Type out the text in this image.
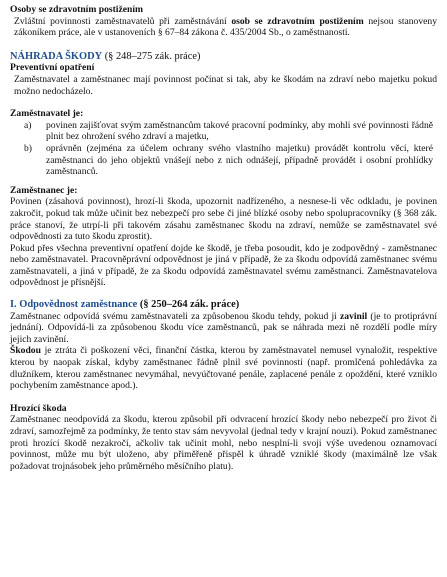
Osoby se zdravotním postižením

Zvláštní povinnosti zaměstnavatelů při zaměstnávání osob se zdravotním postižením nejsou stanoveny zákoníkem práce, ale v ustanoveních § 67–84 zákona č. 435/2004 Sb., o zaměstnanosti.

NÁHRADA ŠKODY (§ 248–275 zák. práce)

Preventivní opatření

Zaměstnavatel a zaměstnanec mají povinnost počínat si tak, aby ke škodám na zdraví nebo majetku pokud možno nedocházelo.

Zaměstnavatel je:

a) povinen zajišťovat svým zaměstnancům takové pracovní podmínky, aby mohli své povinnosti řádně plnit bez ohrožení svého zdraví a majetku,
b) oprávněn (zejména za účelem ochrany svého vlastního majetku) provádět kontrolu věcí, které zaměstnanci do jeho objektů vnášejí nebo z nich odnášejí, případně provádět i osobní prohlídky zaměstnanců.

Zaměstnanec je:

Povinen (zásahová povinnost), hrozí-li škoda, upozornit nadřízeného, a nesnese-li věc odkladu, je povinen zakročit, pokud tak může učinit bez nebezpečí pro sebe či jiné blízké osoby nebo spolupracovníky (§ 368 zák. práce stanoví, že utrpí-li při takovém zásahu zaměstnanec škodu na zdraví, nemůže se zaměstnavatel své odpovědnosti za tuto škodu zprostit).

Pokud přes všechna preventivní opatření dojde ke škodě, je třeba posoudit, kdo je zodpovědný - zaměstnanec nebo zaměstnavatel. Pracovněprávní odpovědnost je jiná v případě, že za škodu odpovídá zaměstnanec svému zaměstnavateli, a jiná v případě, že za škodu odpovídá zaměstnavatel svému zaměstnanci. Zaměstnavatelova odpovědnost je přísnější.

I. Odpovědnost zaměstnance (§ 250–264 zák. práce)

Zaměstnanec odpovídá svému zaměstnavateli za způsobenou škodu tehdy, pokud ji zavinil (je to protiprávní jednání). Odpovídá-li za způsobenou škodu více zaměstnanců, pak se náhrada mezi ně rozdělí podle míry jejich zavinění.

Škodou je ztráta či poškození věci, finanční částka, kterou by zaměstnavatel nemusel vynaložit, respektive kterou by naopak získal, kdyby zaměstnanec řádně plnil své povinnosti (např. promlčená pohledávka za dlužníkem, kterou zaměstnanec nevymáhal, nevyúčtované penále, zaplacené penále z opoždění, které vzniklo pochybením zaměstnance apod.).

Hrozící škoda

Zaměstnanec neodpovídá za škodu, kterou způsobil při odvracení hrozící škody nebo nebezpečí pro život či zdraví, samozřejmě za podmínky, že tento stav sám nevyvolal (jednal tedy v krajní nouzi). Pokud zaměstnanec proti hrozící škodě nezakročí, ačkoliv tak učinit mohl, nebo nesplní-li svoji výše uvedenou oznamovací povinnost, může mu být uloženo, aby přiměřeně přispěl k úhradě vzniklé škody (maximálně lze však požadovat trojnásobek jeho průměrného měsíčního platu).
